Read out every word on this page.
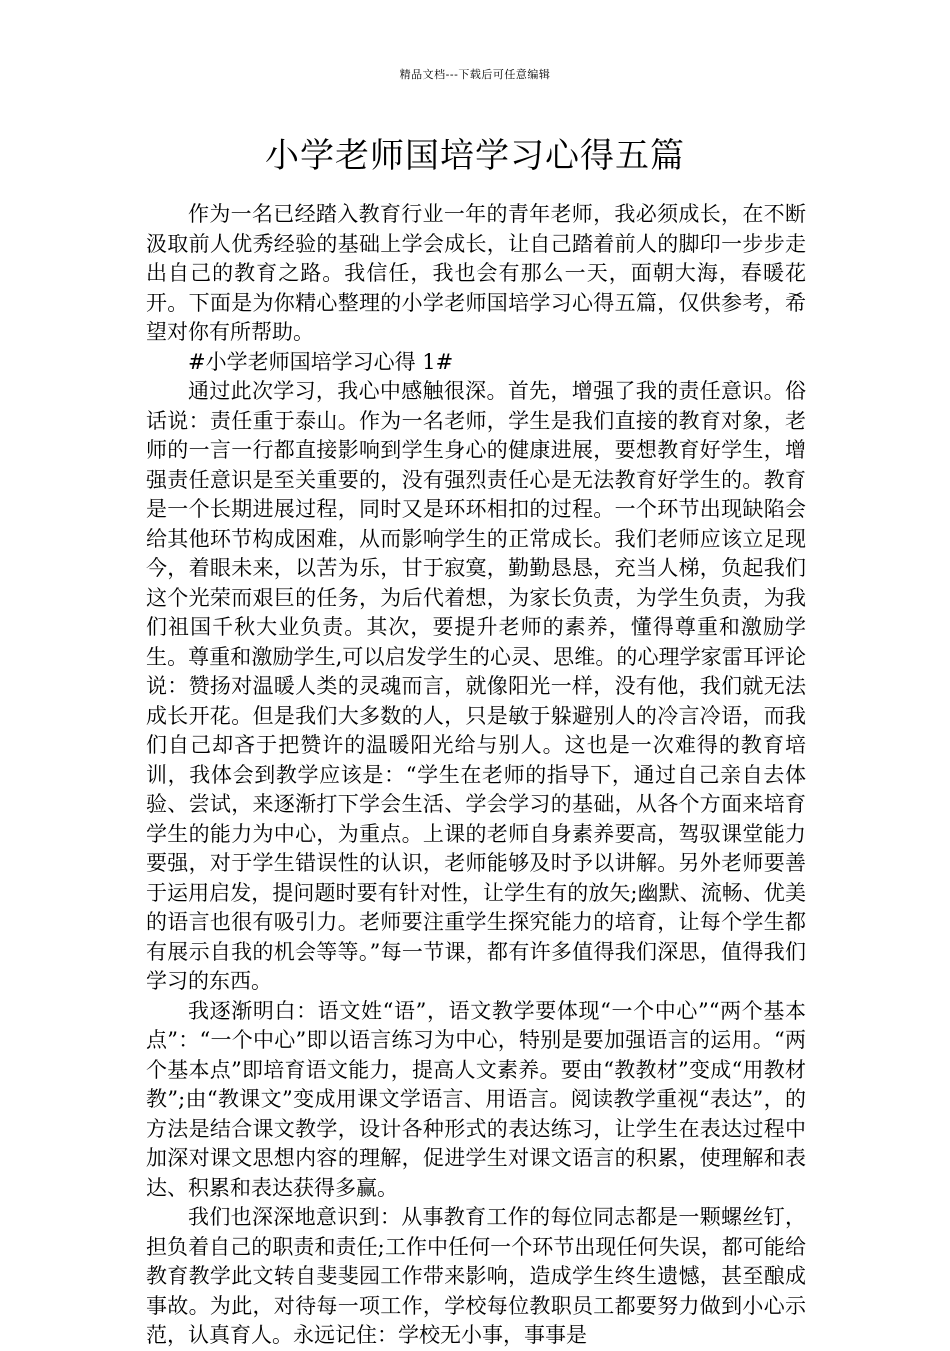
精品文档---下载后可任意编辑
小学老师国培学习心得五篇

作为一名已经踏入教育行业一年的青年老师，我必须成长，在不断汲取前人优秀经验的基础上学会成长，让自己踏着前人的脚印一步步走出自己的教育之路。我信任，我也会有那么一天，面朝大海，春暖花开。下面是为你精心整理的小学老师国培学习心得五篇，仅供参考，希望对你有所帮助。

#小学老师国培学习心得 1#

通过此次学习，我心中感触很深。首先，增强了我的责任意识。俗话说：责任重于泰山。作为一名老师，学生是我们直接的教育对象，老师的一言一行都直接影响到学生身心的健康进展，要想教育好学生，增强责任意识是至关重要的，没有强烈责任心是无法教育好学生的。教育是一个长期进展过程，同时又是环环相扣的过程。一个环节出现缺陷会给其他环节构成困难，从而影响学生的正常成长。我们老师应该立足现今，着眼未来，以苦为乐，甘于寂寞，勤勤恳恳，充当人梯，负起我们这个光荣而艰巨的任务，为后代着想，为家长负责，为学生负责，为我们祖国千秋大业负责。其次，要提升老师的素养，懂得尊重和激励学生。尊重和激励学生,可以启发学生的心灵、思维。的心理学家雷耳评论说：赞扬对温暖人类的灵魂而言，就像阳光一样，没有他，我们就无法成长开花。但是我们大多数的人，只是敏于躲避别人的冷言冷语，而我们自己却吝于把赞许的温暖阳光给与别人。这也是一次难得的教育培训，我体会到教学应该是：“学生在老师的指导下，通过自己亲自去体验、尝试，来逐渐打下学会生活、学会学习的基础，从各个方面来培育学生的能力为中心，为重点。上课的老师自身素养要高，驾驭课堂能力要强，对于学生错误性的认识，老师能够及时予以讲解。另外老师要善于运用启发，提问题时要有针对性，让学生有的放矢;幽默、流畅、优美的语言也很有吸引力。老师要注重学生探究能力的培育，让每个学生都有展示自我的机会等等。”每一节课，都有许多值得我们深思，值得我们学习的东西。

我逐渐明白：语文姓“语”，语文教学要体现“一个中心”“两个基本点”：“一个中心”即以语言练习为中心，特别是要加强语言的运用。“两个基本点”即培育语文能力，提高人文素养。要由“教教材”变成“用教材教”;由“教课文”变成用课文学语言、用语言。阅读教学重视“表达”，的方法是结合课文教学，设计各种形式的表达练习，让学生在表达过程中加深对课文思想内容的理解，促进学生对课文语言的积累，使理解和表达、积累和表达获得多赢。

我们也深深地意识到：从事教育工作的每位同志都是一颗螺丝钉，担负着自己的职责和责任;工作中任何一个环节出现任何失误，都可能给教育教学此文转自斐斐园工作带来影响，造成学生终生遗憾，甚至酿成事故。为此，对待每一项工作，学校每位教职员工都要努力做到小心示范，认真育人。永远记住：学校无小事，事事是
